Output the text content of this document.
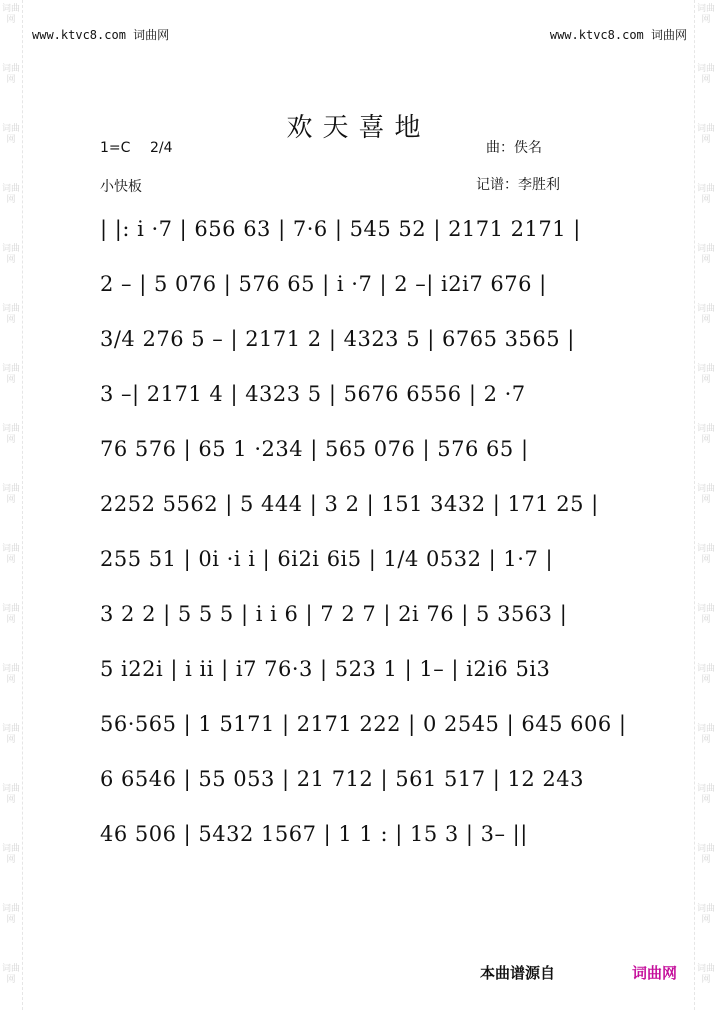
词曲网
词曲网
词曲网
词曲网
词曲网
词曲网
词曲网
词曲网
词曲网
词曲网
词曲网
词曲网
词曲网
词曲网
词曲网
词曲网
词曲网
词曲网
词曲网
词曲网
词曲网
词曲网
词曲网
词曲网
词曲网
词曲网
词曲网
词曲网
词曲网
词曲网
词曲网
词曲网
词曲网
词曲网
www.ktvc8.com 词曲网	www.ktvc8.com 词曲网
欢天喜地
1=C 2/4	曲：佚名
小快板	记谱：李胜利
| |: i ·7 | 656 63 | 7·6 | 545 52 | 2171 2171 |
2 – | 5 076 | 576 65 | i ·7 | 2 –| i2i7 676 |
3/4 276 5 – | 2171 2 | 4323 5 | 6765 3565 |
3 –| 2171 4 | 4323 5 | 5676 6556 | 2 ·7
76 576 | 65 1 ·234 | 565 076 | 576 65 |
2252 5562 | 5 444 | 3 2 | 151 3432 | 171 25 |
255 51 | 0i ·i i | 6i2i 6i5 | 1/4 0532 | 1·7 |
3 2 2 | 5 5 5 | i i 6 | 7 2 7 | 2i 76 | 5 3563 |
5 i22i | i ii | i7 76·3 | 523 1 | 1– | i2i6 5i3
56·565 | 1 5171 | 2171 222 | 0 2545 | 645 606 |
6 6546 | 55 053 | 21 712 | 561 517 | 12 243
46 506 | 5432 1567 | 1 1 : | 15 3 | 3– ||
本曲谱源自	词曲网
